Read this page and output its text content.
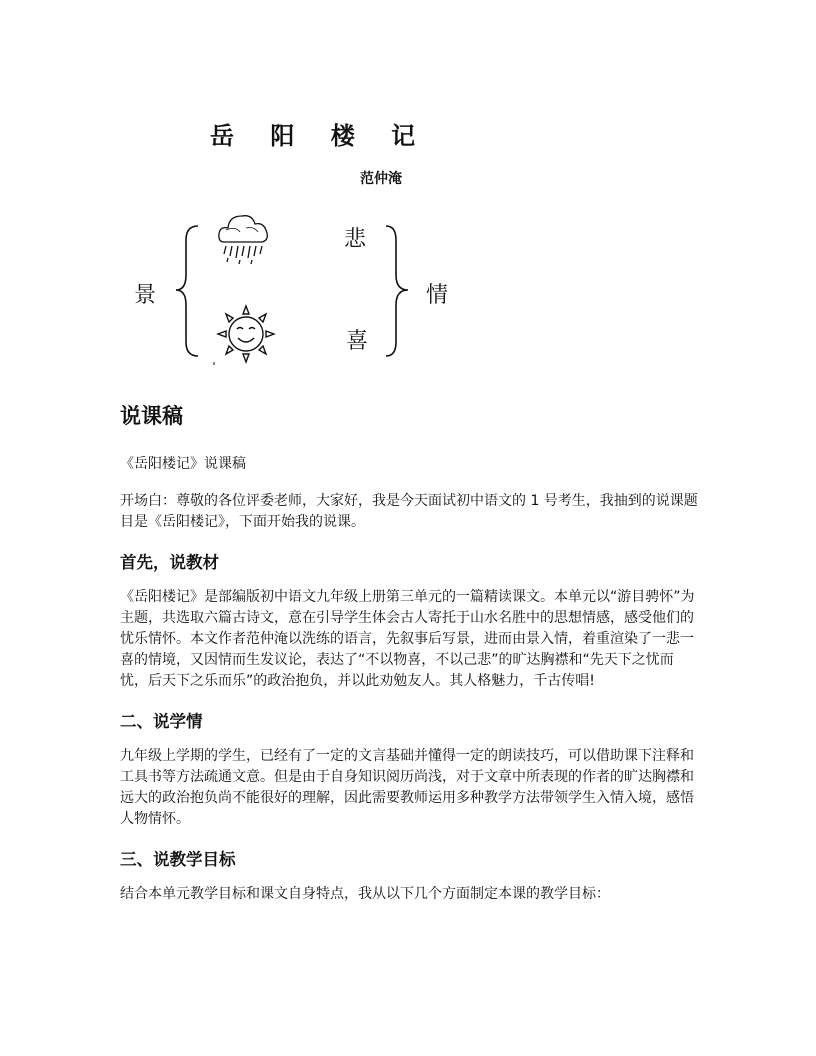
岳 阳 楼 记
范仲淹
景	情
悲
喜
说课稿

《岳阳楼记》说课稿

开场白：尊敬的各位评委老师，大家好，我是今天面试初中语文的 1 号考生，我抽到的说课题目是《岳阳楼记》，下面开始我的说课。

首先，说教材

《岳阳楼记》是部编版初中语文九年级上册第三单元的一篇精读课文。本单元以“游目骋怀”为主题，共选取六篇古诗文，意在引导学生体会古人寄托于山水名胜中的思想情感，感受他们的忧乐情怀。本文作者范仲淹以洗练的语言，先叙事后写景，进而由景入情，着重渲染了一悲一喜的情境，又因情而生发议论，表达了“不以物喜，不以己悲”的旷达胸襟和“先天下之忧而忧，后天下之乐而乐”的政治抱负，并以此劝勉友人。其人格魅力，千古传唱!

二、说学情

九年级上学期的学生，已经有了一定的文言基础并懂得一定的朗读技巧，可以借助课下注释和工具书等方法疏通文意。但是由于自身知识阅历尚浅，对于文章中所表现的作者的旷达胸襟和远大的政治抱负尚不能很好的理解，因此需要教师运用多种教学方法带领学生入情入境，感悟人物情怀。

三、说教学目标

结合本单元教学目标和课文自身特点，我从以下几个方面制定本课的教学目标：
